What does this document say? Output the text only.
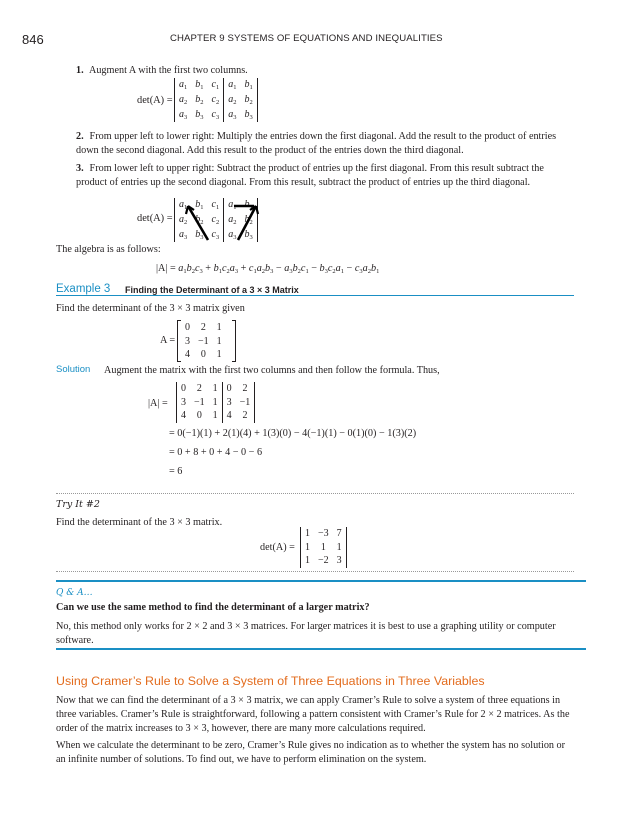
846	CHAPTER 9 SYSTEMS OF EQUATIONS AND INEQUALITIES
1. Augment A with the first two columns.
det(A) =
$a_1$	$b_1$	$c_1$	$a_1$	$b_1$
$a_2$	$b_2$	$c_2$	$a_2$	$b_2$
$a_3$	$b_3$	$c_3$	$a_3$	$b_3$
2. From upper left to lower right: Multiply the entries down the first diagonal. Add the result to the product of entries down the second diagonal. Add this result to the product of the entries down the third diagonal.
3. From lower left to upper right: Subtract the product of entries up the first diagonal. From this result subtract the product of entries up the second diagonal. From this result, subtract the product of entries up the third diagonal.
det(A) =
$a_1$	$b_1$	$c_1$	$a_1$	$b_1$
$a_2$	$b_2$	$c_2$	$a_2$	$b_2$
$a_3$	$b_3$	$c_3$	$a_3$	$b_3$
The algebra is as follows:
$|A| = a_1b_2c_3 + b_1c_2a_3 + c_1a_2b_3 - a_3b_2c_1 - b_3c_2a_1 - c_3a_2b_1$
Example 3 Finding the Determinant of a 3 × 3 Matrix
Find the determinant of the 3 × 3 matrix given
A =
0	2	1
3	−1	1
4	0	1
Solution Augment the matrix with the first two columns and then follow the formula. Thus,
|A| =
0	2	1	0	2
3	−1	1	3	−1
4	0	1	4	2
= 0(−1)(1) + 2(1)(4) + 1(3)(0) − 4(−1)(1) − 0(1)(0) − 1(3)(2)
= 0 + 8 + 0 + 4 − 0 − 6
= 6
Try It #2
Find the determinant of the 3 × 3 matrix.
det(A) =
1	−3	7
1	1	1
1	−2	3
Q & A…
Can we use the same method to find the determinant of a larger matrix?
No, this method only works for 2 × 2 and 3 × 3 matrices. For larger matrices it is best to use a graphing utility or computer software.
Using Cramer’s Rule to Solve a System of Three Equations in Three Variables
Now that we can find the determinant of a 3 × 3 matrix, we can apply Cramer’s Rule to solve a system of three equations in three variables. Cramer’s Rule is straightforward, following a pattern consistent with Cramer’s Rule for 2 × 2 matrices. As the order of the matrix increases to 3 × 3, however, there are many more calculations required.
When we calculate the determinant to be zero, Cramer’s Rule gives no indication as to whether the system has no solution or an infinite number of solutions. To find out, we have to perform elimination on the system.
